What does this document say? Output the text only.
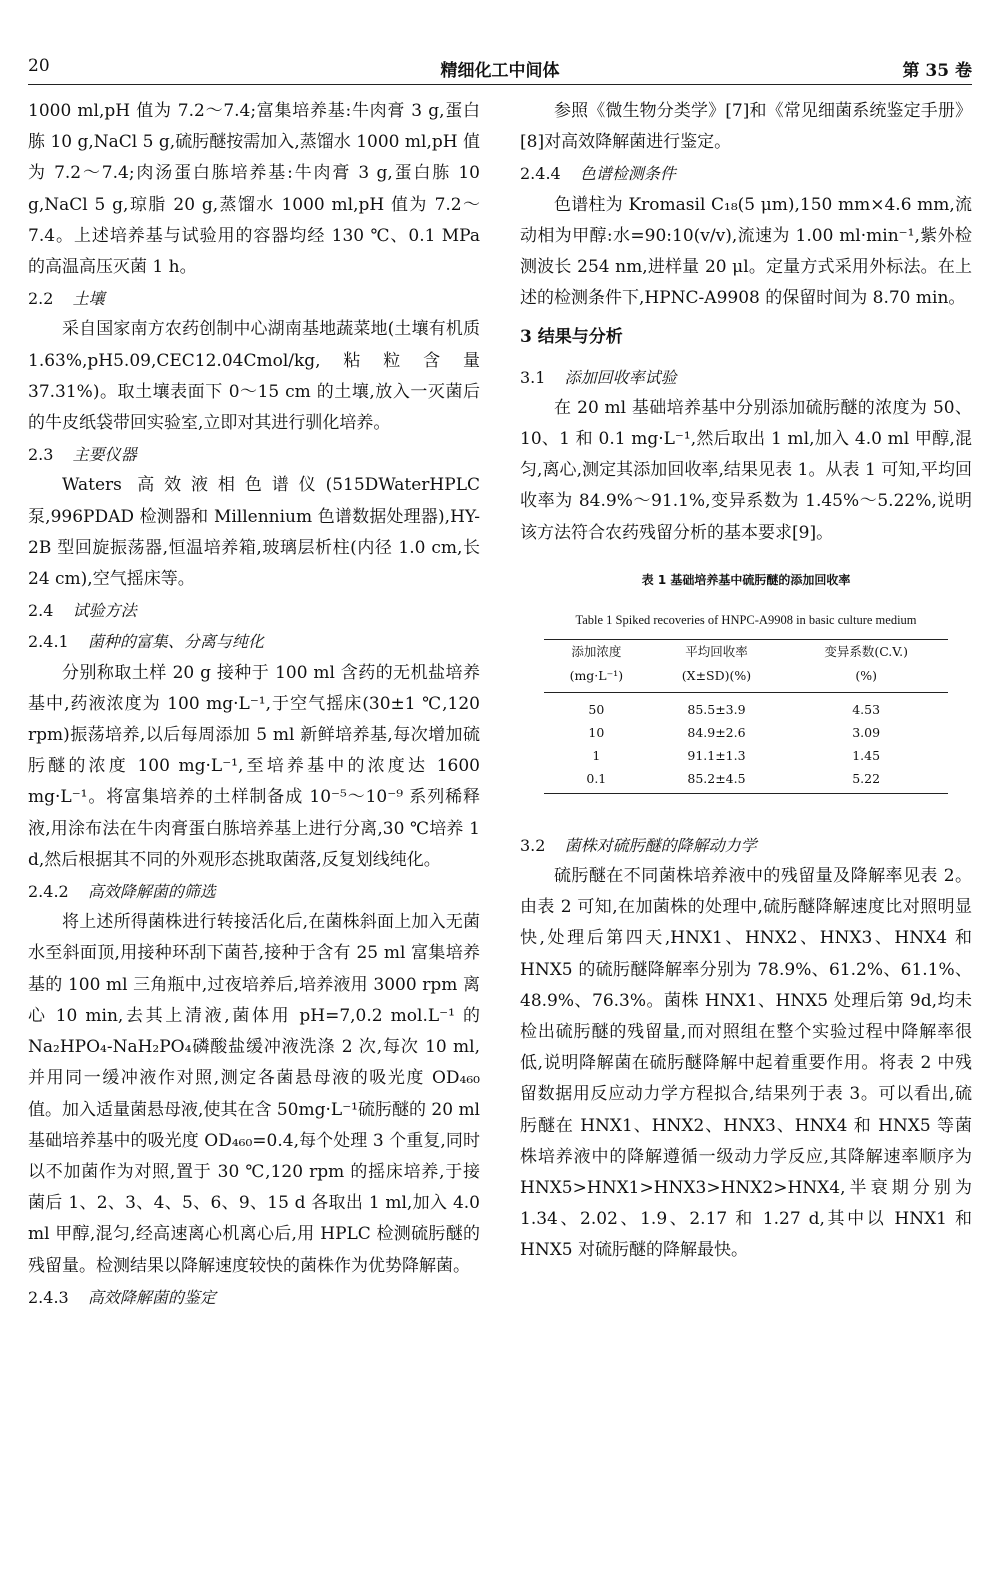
20	精细化工中间体	第 35 卷

1000 ml,pH 值为 7.2～7.4;富集培养基:牛肉膏 3 g,蛋白胨 10 g,NaCl 5 g,硫肟醚按需加入,蒸馏水 1000 ml,pH 值为 7.2～7.4;肉汤蛋白胨培养基:牛肉膏 3 g,蛋白胨 10 g,NaCl 5 g,琼脂 20 g,蒸馏水 1000 ml,pH 值为 7.2～7.4。上述培养基与试验用的容器均经 130 ℃、0.1 MPa 的高温高压灭菌 1 h。

2.2 土壤

采自国家南方农药创制中心湖南基地蔬菜地(土壤有机质 1.63%,pH5.09,CEC12.04Cmol/kg,粘粒含量 37.31%)。取土壤表面下 0～15 cm 的土壤,放入一灭菌后的牛皮纸袋带回实验室,立即对其进行驯化培养。

2.3 主要仪器

Waters 高效液相色谱仪(515DWaterHPLC 泵,996PDAD 检测器和 Millennium 色谱数据处理器),HY-2B 型回旋振荡器,恒温培养箱,玻璃层析柱(内径 1.0 cm,长 24 cm),空气摇床等。

2.4 试验方法
2.4.1 菌种的富集、分离与纯化

分别称取土样 20 g 接种于 100 ml 含药的无机盐培养基中,药液浓度为 100 mg·L⁻¹,于空气摇床(30±1 ℃,120 rpm)振荡培养,以后每周添加 5 ml 新鲜培养基,每次增加硫肟醚的浓度 100 mg·L⁻¹,至培养基中的浓度达 1600 mg·L⁻¹。将富集培养的土样制备成 10⁻⁵～10⁻⁹ 系列稀释液,用涂布法在牛肉膏蛋白胨培养基上进行分离,30 ℃培养 1 d,然后根据其不同的外观形态挑取菌落,反复划线纯化。

2.4.2 高效降解菌的筛选

将上述所得菌株进行转接活化后,在菌株斜面上加入无菌水至斜面顶,用接种环刮下菌苔,接种于含有 25 ml 富集培养基的 100 ml 三角瓶中,过夜培养后,培养液用 3000 rpm 离心 10 min,去其上清液,菌体用 pH=7,0.2 mol.L⁻¹ 的 Na₂HPO₄-NaH₂PO₄磷酸盐缓冲液洗涤 2 次,每次 10 ml,并用同一缓冲液作对照,测定各菌悬母液的吸光度 OD₄₆₀ 值。加入适量菌悬母液,使其在含 50mg·L⁻¹硫肟醚的 20 ml 基础培养基中的吸光度 OD₄₆₀=0.4,每个处理 3 个重复,同时以不加菌作为对照,置于 30 ℃,120 rpm 的摇床培养,于接菌后 1、2、3、4、5、6、9、15 d 各取出 1 ml,加入 4.0 ml 甲醇,混匀,经高速离心机离心后,用 HPLC 检测硫肟醚的残留量。检测结果以降解速度较快的菌株作为优势降解菌。

2.4.3 高效降解菌的鉴定

参照《微生物分类学》[7]和《常见细菌系统鉴定手册》[8]对高效降解菌进行鉴定。

2.4.4 色谱检测条件

色谱柱为 Kromasil C₁₈(5 μm),150 mm×4.6 mm,流动相为甲醇:水=90:10(v/v),流速为 1.00 ml·min⁻¹,紫外检测波长 254 nm,进样量 20 μl。定量方式采用外标法。在上述的检测条件下,HPNC-A9908 的保留时间为 8.70 min。

3 结果与分析
3.1 添加回收率试验

在 20 ml 基础培养基中分别添加硫肟醚的浓度为 50、10、1 和 0.1 mg·L⁻¹,然后取出 1 ml,加入 4.0 ml 甲醇,混匀,离心,测定其添加回收率,结果见表 1。从表 1 可知,平均回收率为 84.9%～91.1%,变异系数为 1.45%～5.22%,说明该方法符合农药残留分析的基本要求[9]。

表 1 基础培养基中硫肟醚的添加回收率
Table 1 Spiked recoveries of HNPC-A9908 in basic culture medium
添加浓度	平均回收率	变异系数(C.V.)
(mg·L⁻¹)	(X±SD)(%)	(%)
50	85.5±3.9	4.53
10	84.9±2.6	3.09
1	91.1±1.3	1.45
0.1	85.2±4.5	5.22
3.2 菌株对硫肟醚的降解动力学

硫肟醚在不同菌株培养液中的残留量及降解率见表 2。由表 2 可知,在加菌株的处理中,硫肟醚降解速度比对照明显快,处理后第四天,HNX1、HNX2、HNX3、HNX4 和 HNX5 的硫肟醚降解率分别为 78.9%、61.2%、61.1%、48.9%、76.3%。菌株 HNX1、HNX5 处理后第 9d,均未检出硫肟醚的残留量,而对照组在整个实验过程中降解率很低,说明降解菌在硫肟醚降解中起着重要作用。将表 2 中残留数据用反应动力学方程拟合,结果列于表 3。可以看出,硫肟醚在 HNX1、HNX2、HNX3、HNX4 和 HNX5 等菌株培养液中的降解遵循一级动力学反应,其降解速率顺序为 HNX5>HNX1>HNX3>HNX2>HNX4,半衰期分别为 1.34、2.02、1.9、2.17 和 1.27 d,其中以 HNX1 和 HNX5 对硫肟醚的降解最快。
